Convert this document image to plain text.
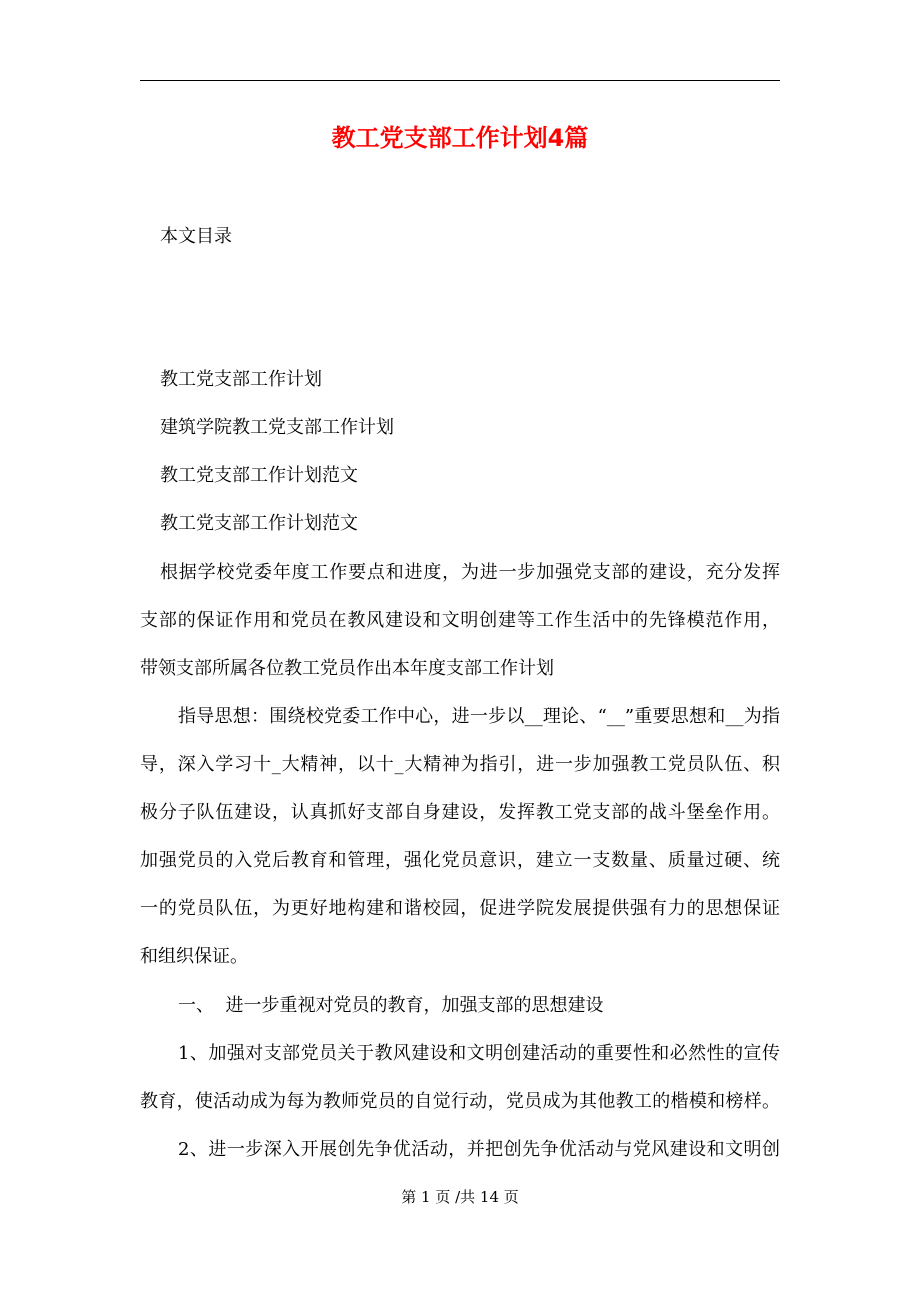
教工党支部工作计划4篇
本文目录
教工党支部工作计划
建筑学院教工党支部工作计划
教工党支部工作计划范文
教工党支部工作计划范文
根据学校党委年度工作要点和进度，为进一步加强党支部的建设，充分发挥
支部的保证作用和党员在教风建设和文明创建等工作生活中的先锋模范作用，
带领支部所属各位教工党员作出本年度支部工作计划
指导思想：围绕校党委工作中心，进一步以__理论、“__”重要思想和__为指
导，深入学习十_大精神，以十_大精神为指引，进一步加强教工党员队伍、积
极分子队伍建设，认真抓好支部自身建设，发挥教工党支部的战斗堡垒作用。
加强党员的入党后教育和管理，强化党员意识，建立一支数量、质量过硬、统
一的党员队伍，为更好地构建和谐校园，促进学院发展提供强有力的思想保证
和组织保证。
一、  进一步重视对党员的教育，加强支部的思想建设
1、加强对支部党员关于教风建设和文明创建活动的重要性和必然性的宣传
教育，使活动成为每为教师党员的自觉行动，党员成为其他教工的楷模和榜样。
2、进一步深入开展创先争优活动，并把创先争优活动与党风建设和文明创
第 1 页 /共 14 页
